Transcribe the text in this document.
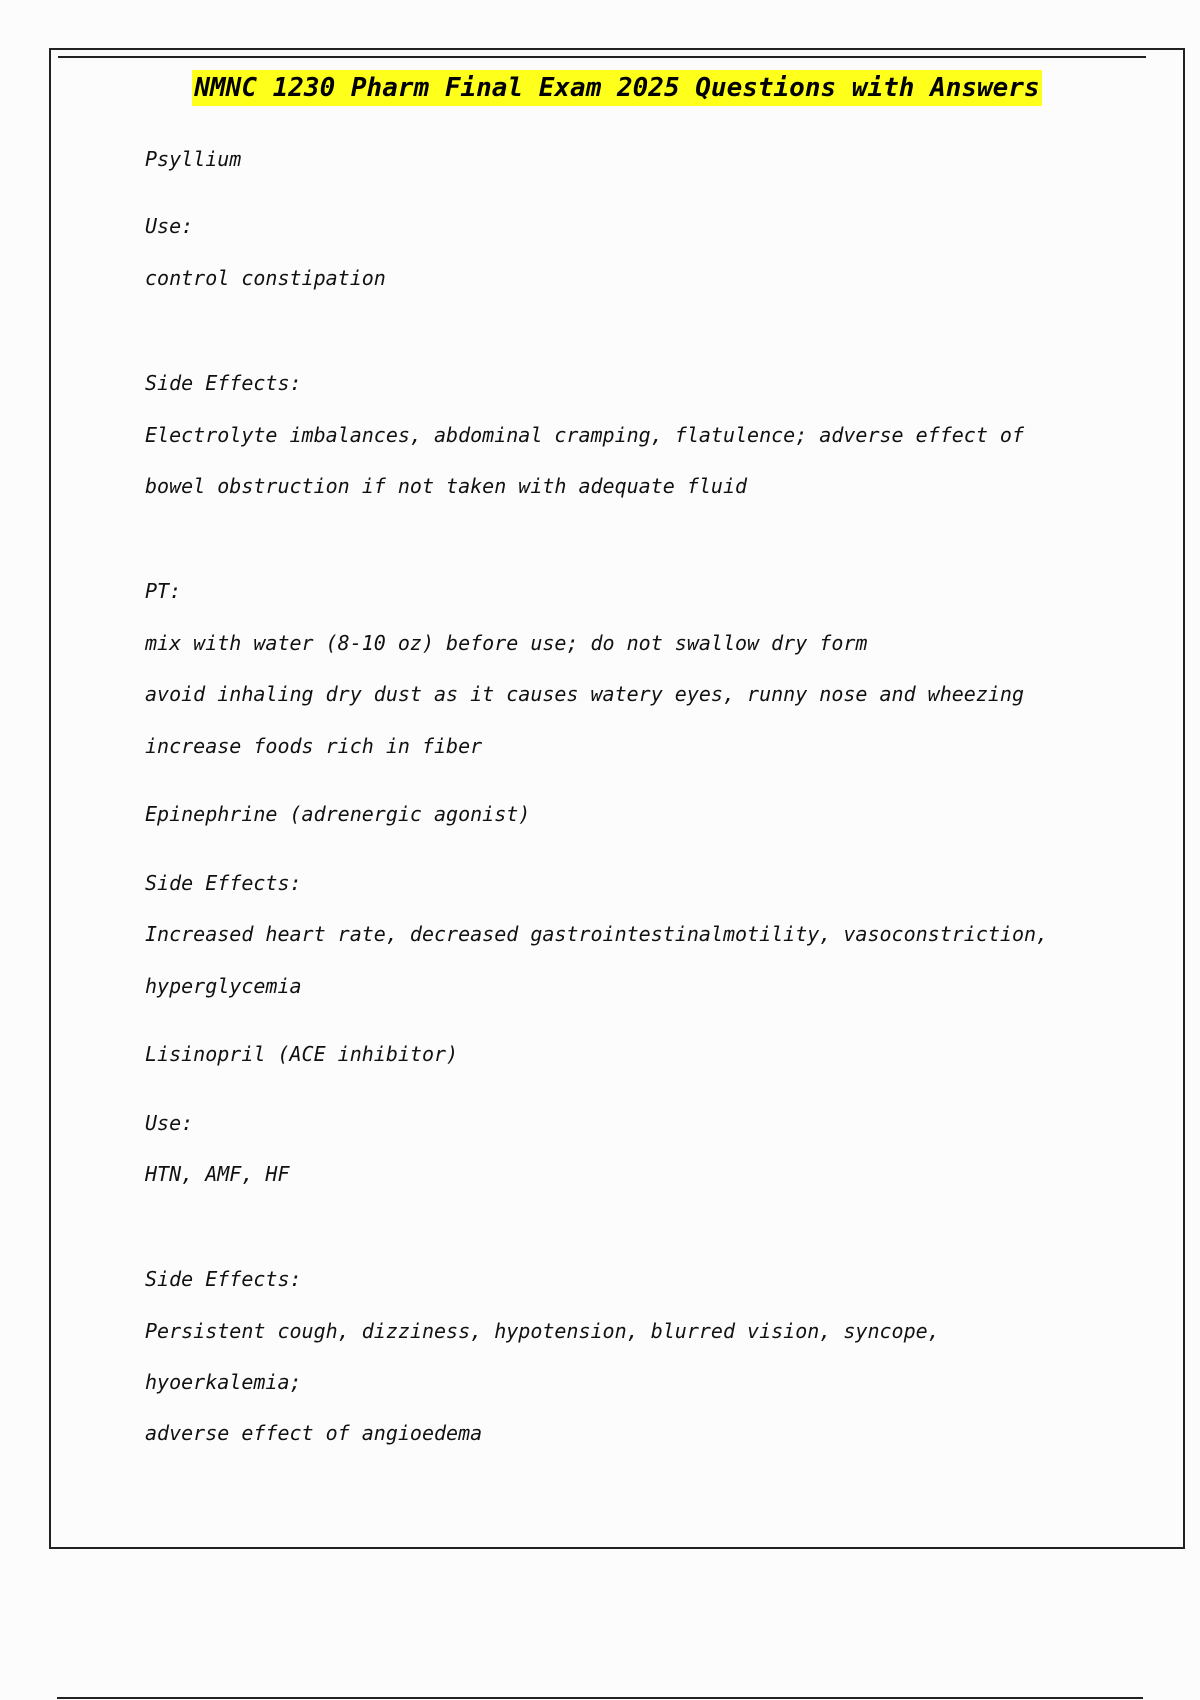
NMNC 1230 Pharm Final Exam 2025 Questions with Answers

Psyllium

Use:

control constipation

Side Effects:

Electrolyte imbalances, abdominal cramping, flatulence; adverse effect of

bowel obstruction if not taken with adequate fluid

PT:

mix with water (8-10 oz) before use; do not swallow dry form

avoid inhaling dry dust as it causes watery eyes, runny nose and wheezing

increase foods rich in fiber

Epinephrine (adrenergic agonist)

Side Effects:

Increased heart rate, decreased gastrointestinalmotility, vasoconstriction,

hyperglycemia

Lisinopril (ACE inhibitor)

Use:

HTN, AMF, HF

Side Effects:

Persistent cough, dizziness, hypotension, blurred vision, syncope,

hyoerkalemia;

adverse effect of angioedema
